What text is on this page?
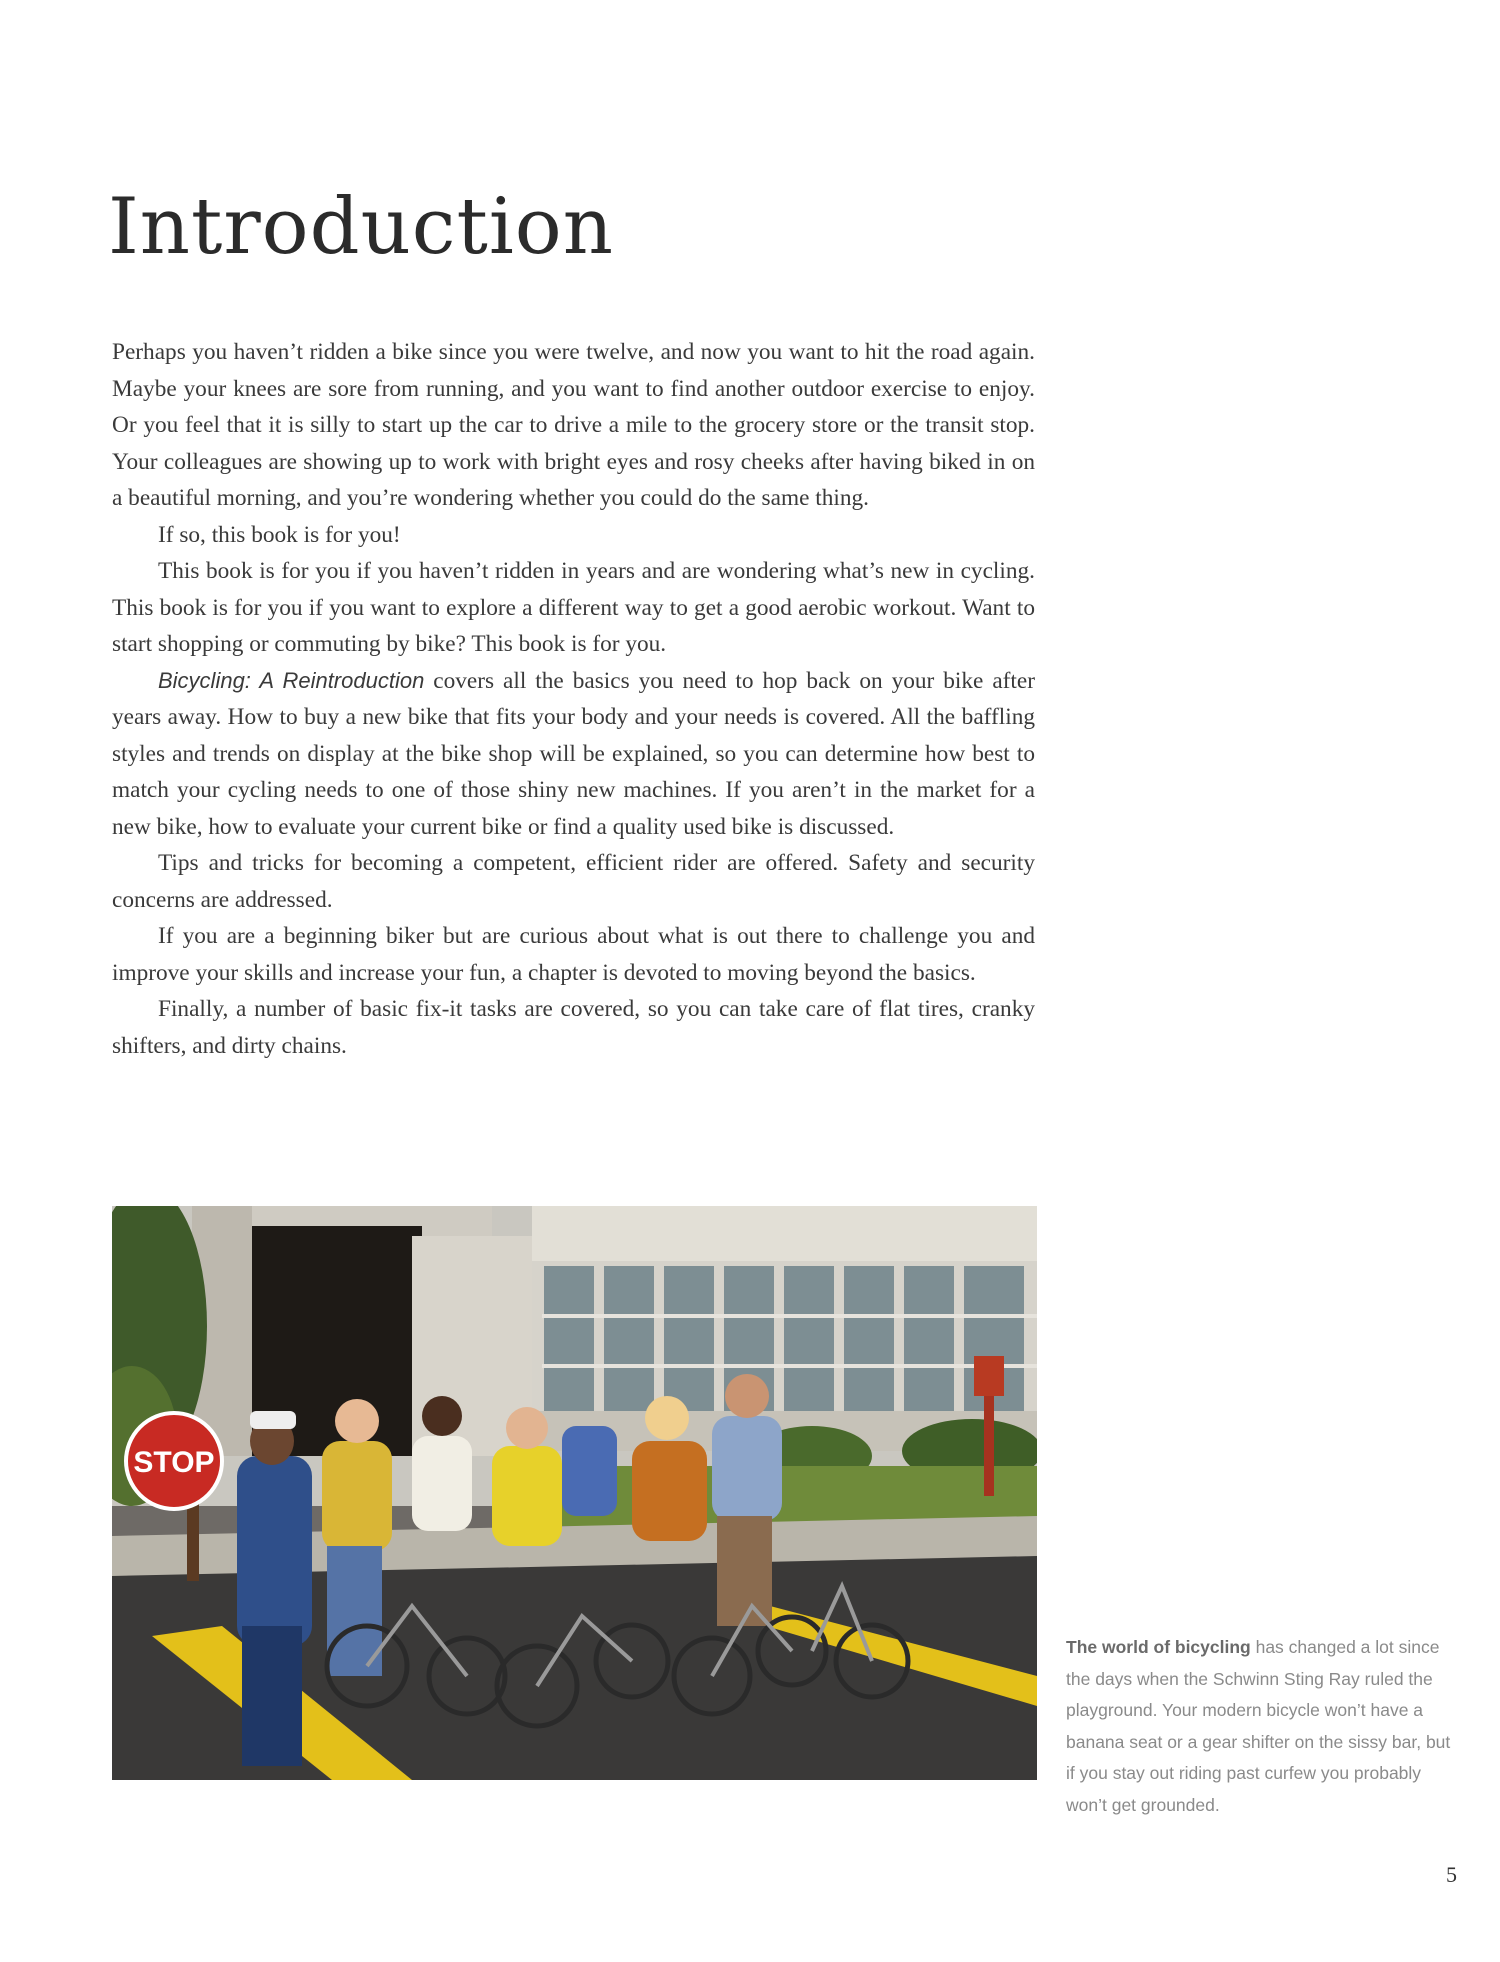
Introduction

Perhaps you haven’t ridden a bike since you were twelve, and now you want to hit the road again. Maybe your knees are sore from running, and you want to find another outdoor exercise to enjoy. Or you feel that it is silly to start up the car to drive a mile to the grocery store or the transit stop. Your colleagues are showing up to work with bright eyes and rosy cheeks after having biked in on a beautiful morning, and you’re wondering whether you could do the same thing.

If so, this book is for you!

This book is for you if you haven’t ridden in years and are wondering what’s new in cycling. This book is for you if you want to explore a different way to get a good aerobic workout. Want to start shopping or commuting by bike? This book is for you.

Bicycling: A Reintroduction covers all the basics you need to hop back on your bike after years away. How to buy a new bike that fits your body and your needs is covered. All the baffling styles and trends on display at the bike shop will be explained, so you can determine how best to match your cycling needs to one of those shiny new machines. If you aren’t in the market for a new bike, how to evaluate your current bike or find a quality used bike is discussed.

Tips and tricks for becoming a competent, efficient rider are offered. Safety and security concerns are addressed.

If you are a beginning biker but are curious about what is out there to challenge you and improve your skills and increase your fun, a chapter is devoted to moving beyond the basics.

Finally, a number of basic fix-it tasks are covered, so you can take care of flat tires, cranky shifters, and dirty chains.

STOP
The world of bicycling has changed a lot since the days when the Schwinn Sting Ray ruled the playground. Your modern bicycle won’t have a banana seat or a gear shifter on the sissy bar, but if you stay out riding past curfew you probably won’t get grounded.
5
